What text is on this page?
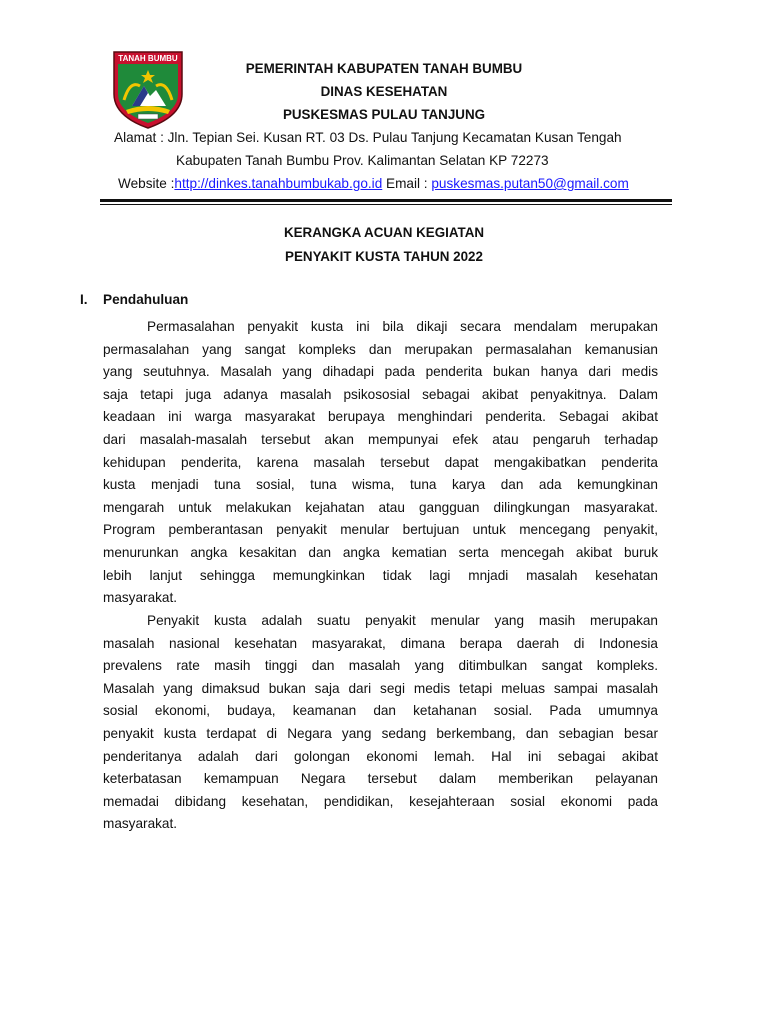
TANAH BUMBU
PEMERINTAH KABUPATEN TANAH BUMBU
DINAS KESEHATAN
PUSKESMAS PULAU TANJUNG
Alamat : Jln. Tepian Sei. Kusan RT. 03 Ds. Pulau Tanjung Kecamatan Kusan Tengah
Kabupaten Tanah Bumbu Prov. Kalimantan Selatan KP 72273
Website :http://dinkes.tanahbumbukab.go.id Email : puskesmas.putan50@gmail.com
KERANGKA ACUAN KEGIATAN
PENYAKIT KUSTA TAHUN 2022
I. Pendahuluan
Permasalahan penyakit kusta ini bila dikaji secara mendalam merupakan
permasalahan yang sangat kompleks dan merupakan permasalahan kemanusian
yang seutuhnya. Masalah yang dihadapi pada penderita bukan hanya dari medis
saja tetapi juga adanya masalah psikososial sebagai akibat penyakitnya. Dalam
keadaan ini warga masyarakat berupaya menghindari penderita. Sebagai akibat
dari masalah-masalah tersebut akan mempunyai efek atau pengaruh terhadap
kehidupan penderita, karena masalah tersebut dapat mengakibatkan penderita
kusta menjadi tuna sosial, tuna wisma, tuna karya dan ada kemungkinan
mengarah untuk melakukan kejahatan atau gangguan dilingkungan masyarakat.
Program pemberantasan penyakit menular bertujuan untuk mencegang penyakit,
menurunkan angka kesakitan dan angka kematian serta mencegah akibat buruk
lebih lanjut sehingga memungkinkan tidak lagi mnjadi masalah kesehatan
masyarakat.
Penyakit kusta adalah suatu penyakit menular yang masih merupakan
masalah nasional kesehatan masyarakat, dimana berapa daerah di Indonesia
prevalens rate masih tinggi dan masalah yang ditimbulkan sangat kompleks.
Masalah yang dimaksud bukan saja dari segi medis tetapi meluas sampai masalah
sosial ekonomi, budaya, keamanan dan ketahanan sosial. Pada umumnya
penyakit kusta terdapat di Negara yang sedang berkembang, dan sebagian besar
penderitanya adalah dari golongan ekonomi lemah. Hal ini sebagai akibat
keterbatasan kemampuan Negara tersebut dalam memberikan pelayanan
memadai dibidang kesehatan, pendidikan, kesejahteraan sosial ekonomi pada
masyarakat.
